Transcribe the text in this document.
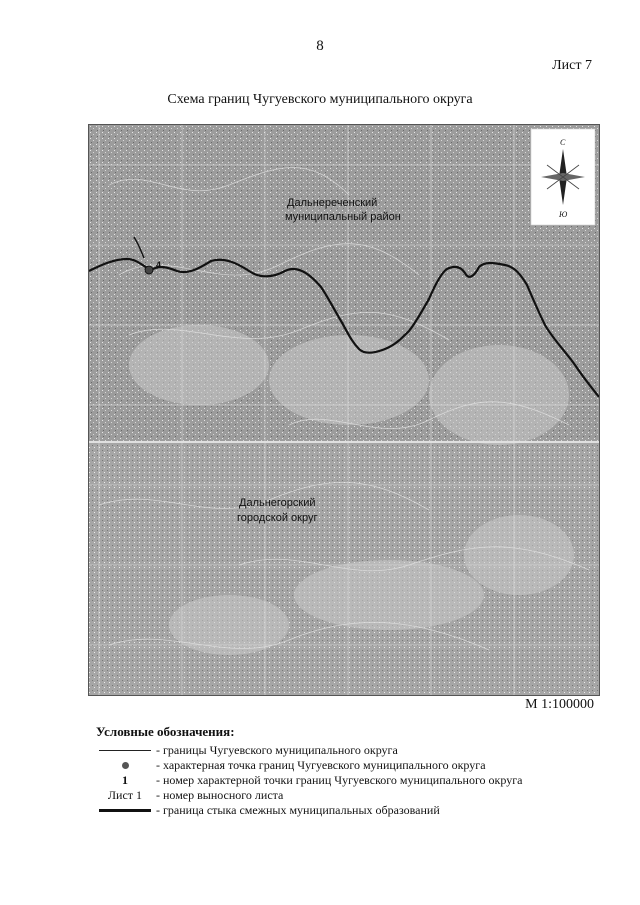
8
Лист 7
Схема границ Чугуевского муниципального округа
4
Дальнереченский
муниципальный район
Дальнегорский
городской округ
С
Ю
М 1:100000
Условные обозначения:
- границы Чугуевского муниципального округа
- характерная точка границ Чугуевского муниципального округа
1 - номер характерной точки границ Чугуевского муниципального округа
Лист 1 - номер выносного листа
- граница стыка смежных муниципальных образований
